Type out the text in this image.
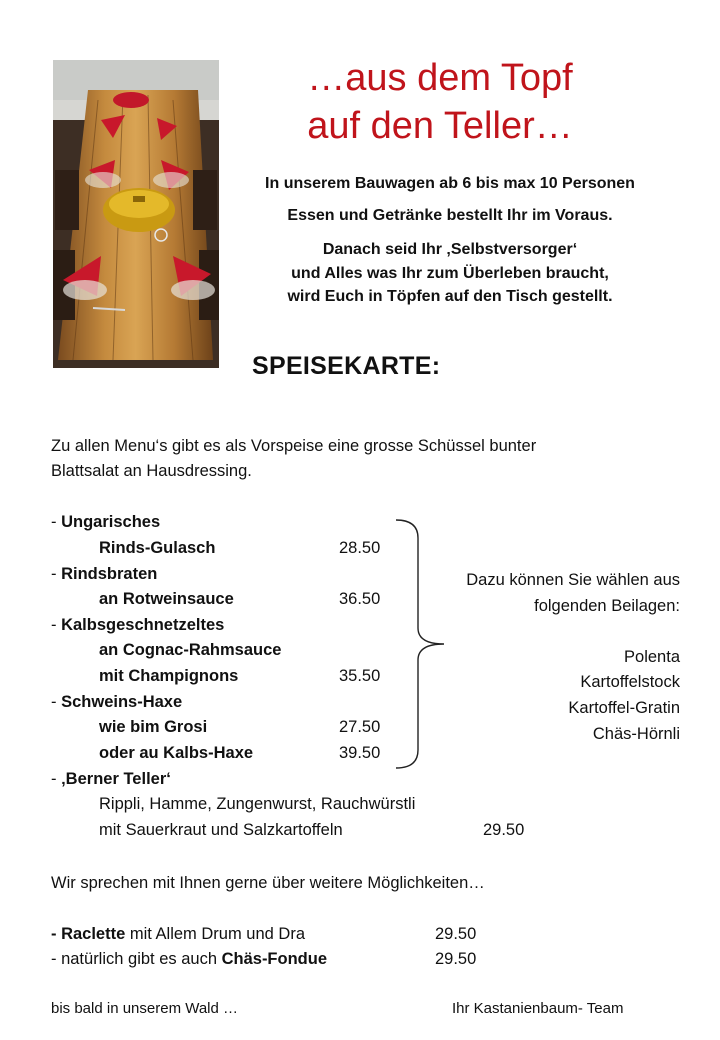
…aus dem Topf
auf den Teller…
In unserem Bauwagen ab 6 bis max 10 Personen
Essen und Getränke bestellt Ihr im Voraus.
Danach seid Ihr ‚Selbstversorger‘
und Alles was Ihr zum Überleben braucht,
wird Euch in Töpfen auf den Tisch gestellt.
SPEISEKARTE:
Zu allen Menu‘s gibt es als Vorspeise eine grosse Schüssel bunter
Blattsalat an Hausdressing.
- Ungarisches
Rinds-Gulasch	28.50
- Rindsbraten
an Rotweinsauce	36.50
- Kalbsgeschnetzeltes
an Cognac-Rahmsauce
mit Champignons	35.50
- Schweins-Haxe
wie bim Grosi	27.50
oder au Kalbs-Haxe	39.50
- ‚Berner Teller‘
Rippli, Hamme, Zungenwurst, Rauchwürstli
mit Sauerkraut und Salzkartoffeln	29.50
Dazu können Sie wählen aus
folgenden Beilagen:
Polenta
Kartoffelstock
Kartoffel-Gratin
Chäs-Hörnli
Wir sprechen mit Ihnen gerne über weitere Möglichkeiten…
- Raclette mit Allem Drum und Dra	29.50
- natürlich gibt es auch Chäs-Fondue	29.50
bis bald in unserem Wald …	Ihr Kastanienbaum- Team
